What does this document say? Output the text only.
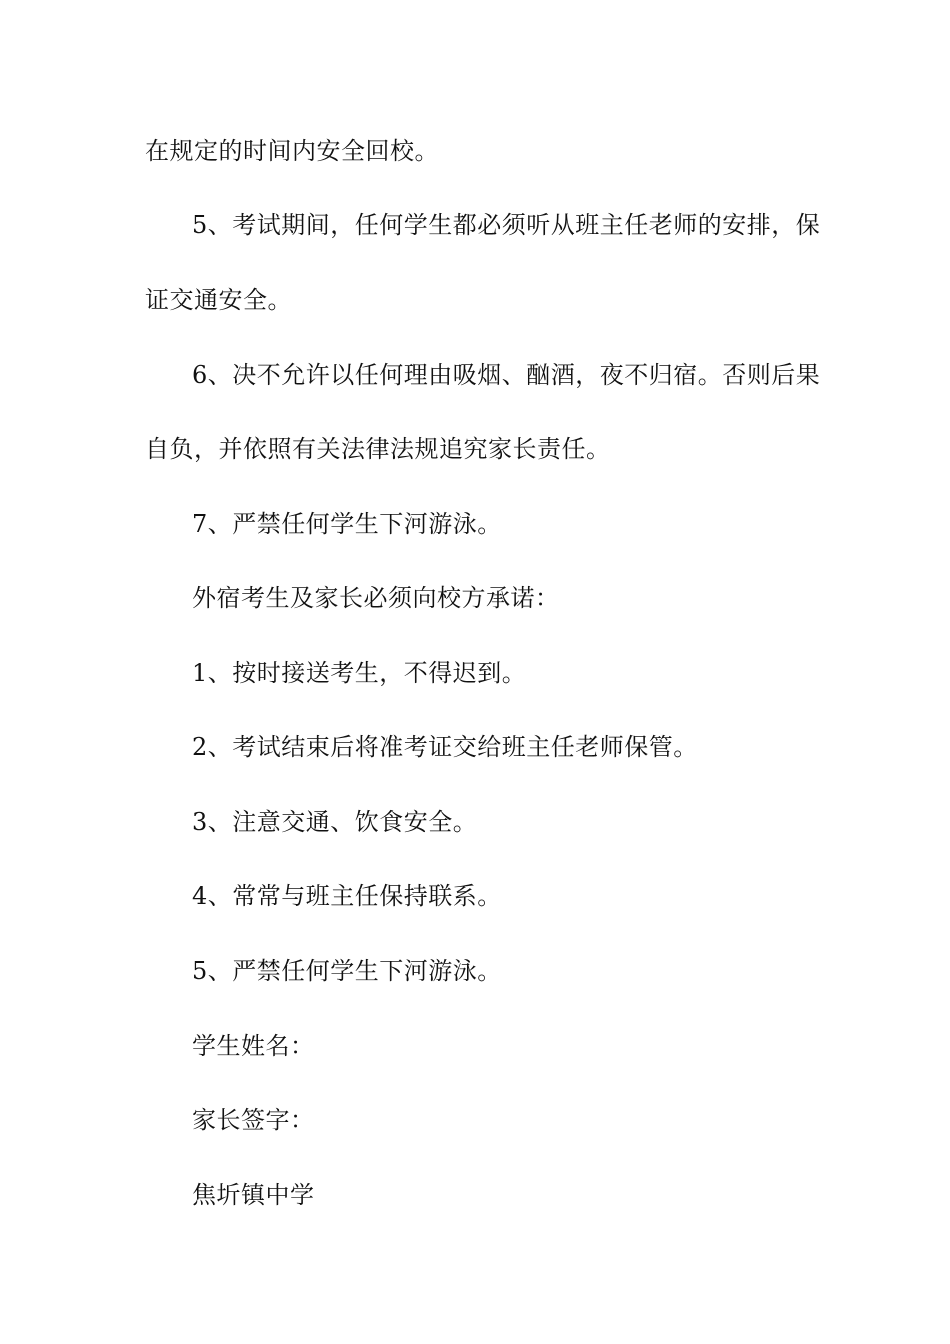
在规定的时间内安全回校。
5、考试期间，任何学生都必须听从班主任老师的安排，保
证交通安全。
6、决不允许以任何理由吸烟、酗酒，夜不归宿。否则后果
自负，并依照有关法律法规追究家长责任。
7、严禁任何学生下河游泳。
外宿考生及家长必须向校方承诺：
1、按时接送考生，不得迟到。
2、考试结束后将准考证交给班主任老师保管。
3、注意交通、饮食安全。
4、常常与班主任保持联系。
5、严禁任何学生下河游泳。
学生姓名：
家长签字：
焦圻镇中学
